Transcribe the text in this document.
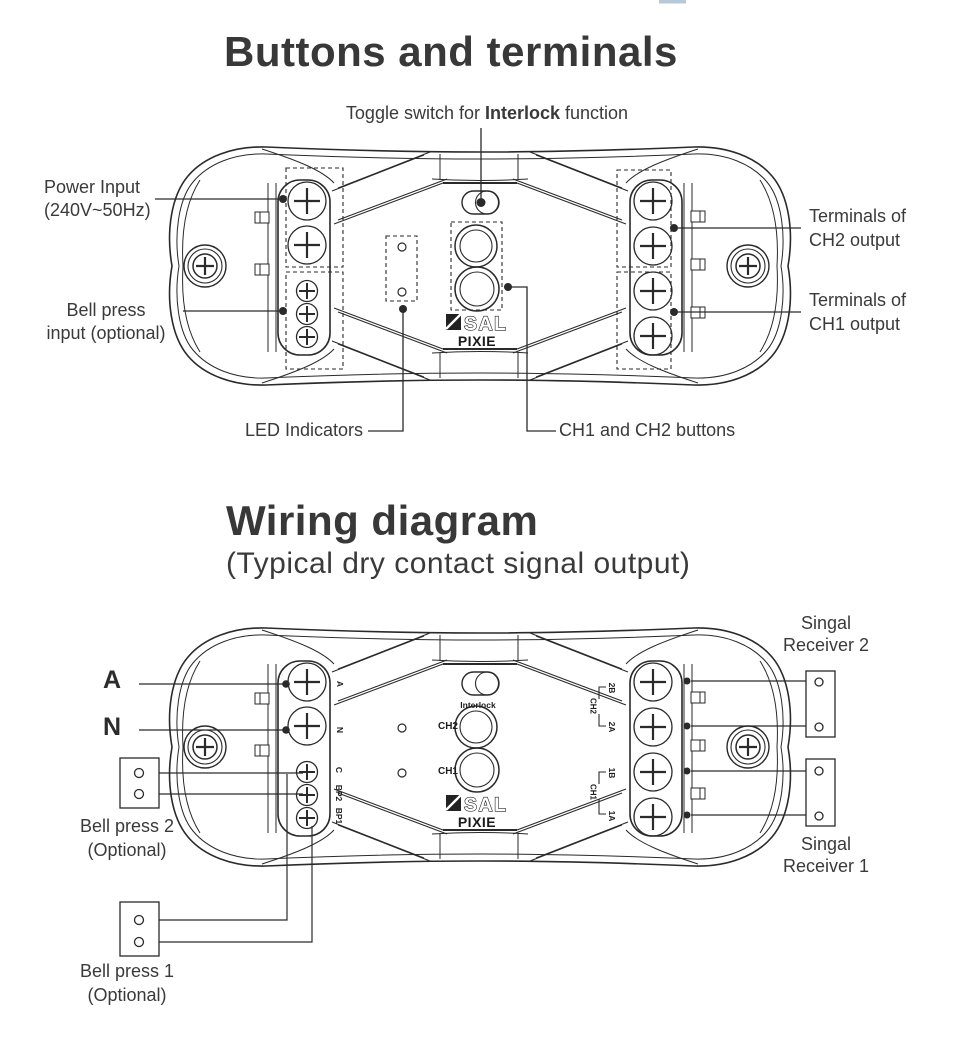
SAL
PIXIE
SAL
PIXIE
Buttons and terminals
Toggle switch for Interlock function
Power Input
(240V~50Hz)
Bell press
input (optional)
Terminals of
CH2 output
Terminals of
CH1 output
LED Indicators	CH1 and CH2 buttons
Wiring diagram
(Typical dry contact signal output)
A
N
Bell press 2
(Optional)
Bell press 1
(Optional)
Singal
Receiver 2
Singal
Receiver 1
Interlock
CH2
CH1
A
N
C
BP2
BP1
2B
2A
1B
1A
CH2
CH1
